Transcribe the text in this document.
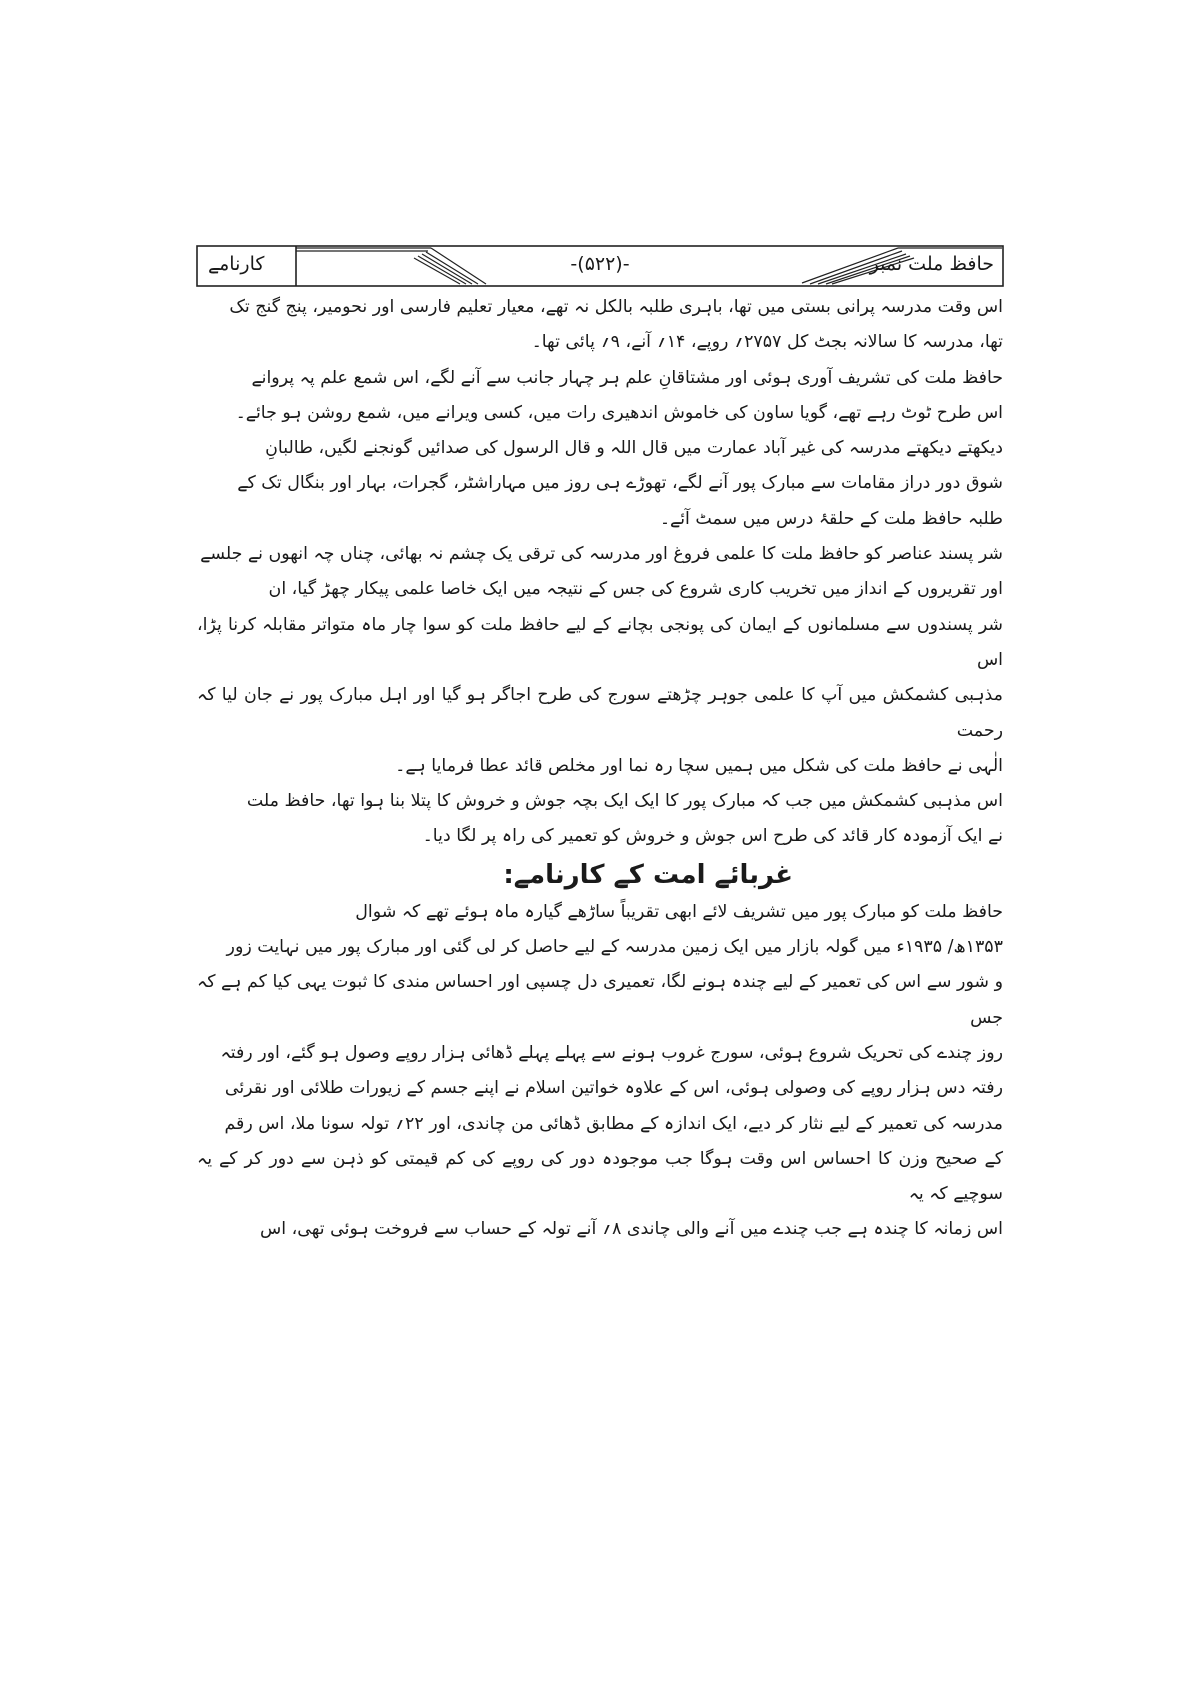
حافظ ملت نمبر
-(۵۲۲)-
کارنامے

اس وقت مدرسہ پرانی بستی میں تھا، باہری طلبہ بالکل نہ تھے، معیار تعلیم فارسی اور نحومیر، پنج گنج تک

تھا، مدرسہ کا سالانہ بجٹ کل ۲۷۵۷؍ روپے، ۱۴؍ آنے، ۹؍ پائی تھا۔

حافظ ملت کی تشریف آوری ہوئی اور مشتاقانِ علم ہر چہار جانب سے آنے لگے، اس شمع علم پہ پروانے

اس طرح ٹوٹ رہے تھے، گویا ساون کی خاموش اندھیری رات میں، کسی ویرانے میں، شمع روشن ہو جائے۔

دیکھتے دیکھتے مدرسہ کی غیر آباد عمارت میں قال اللہ و قال الرسول کی صدائیں گونجنے لگیں، طالبانِ

شوق دور دراز مقامات سے مبارک پور آنے لگے، تھوڑے ہی روز میں مہاراشٹر، گجرات، بہار اور بنگال تک کے

طلبہ حافظ ملت کے حلقۂ درس میں سمٹ آئے۔

شر پسند عناصر کو حافظ ملت کا علمی فروغ اور مدرسہ کی ترقی یک چشم نہ بھائی، چناں چہ انھوں نے جلسے

اور تقریروں کے انداز میں تخریب کاری شروع کی جس کے نتیجہ میں ایک خاصا علمی پیکار چھڑ گیا، ان

شر پسندوں سے مسلمانوں کے ایمان کی پونجی بچانے کے لیے حافظ ملت کو سوا چار ماہ متواتر مقابلہ کرنا پڑا، اس

مذہبی کشمکش میں آپ کا علمی جوہر چڑھتے سورج کی طرح اجاگر ہو گیا اور اہل مبارک پور نے جان لیا کہ رحمت

الٰہی نے حافظ ملت کی شکل میں ہمیں سچا رہ نما اور مخلص قائد عطا فرمایا ہے۔

اس مذہبی کشمکش میں جب کہ مبارک پور کا ایک ایک بچہ جوش و خروش کا پتلا بنا ہوا تھا، حافظ ملت

نے ایک آزمودہ کار قائد کی طرح اس جوش و خروش کو تعمیر کی راہ پر لگا دیا۔

غربائے امت کے کارنامے:

حافظ ملت کو مبارک پور میں تشریف لائے ابھی تقریباً ساڑھے گیارہ ماہ ہوئے تھے کہ شوال

۱۳۵۳ھ/ ۱۹۳۵ء میں گولہ بازار میں ایک زمین مدرسہ کے لیے حاصل کر لی گئی اور مبارک پور میں نہایت زور

و شور سے اس کی تعمیر کے لیے چندہ ہونے لگا، تعمیری دل چسپی اور احساس مندی کا ثبوت یہی کیا کم ہے کہ جس

روز چندے کی تحریک شروع ہوئی، سورج غروب ہونے سے پہلے پہلے ڈھائی ہزار روپے وصول ہو گئے، اور رفتہ

رفتہ دس ہزار روپے کی وصولی ہوئی، اس کے علاوہ خواتین اسلام نے اپنے جسم کے زیورات طلائی اور نقرئی

مدرسہ کی تعمیر کے لیے نثار کر دیے، ایک اندازہ کے مطابق ڈھائی من چاندی، اور ۲۲؍ تولہ سونا ملا، اس رقم

کے صحیح وزن کا احساس اس وقت ہوگا جب موجودہ دور کی روپے کی کم قیمتی کو ذہن سے دور کر کے یہ سوچیے کہ یہ

اس زمانہ کا چندہ ہے جب چندے میں آنے والی چاندی ۸؍ آنے تولہ کے حساب سے فروخت ہوئی تھی، اس
